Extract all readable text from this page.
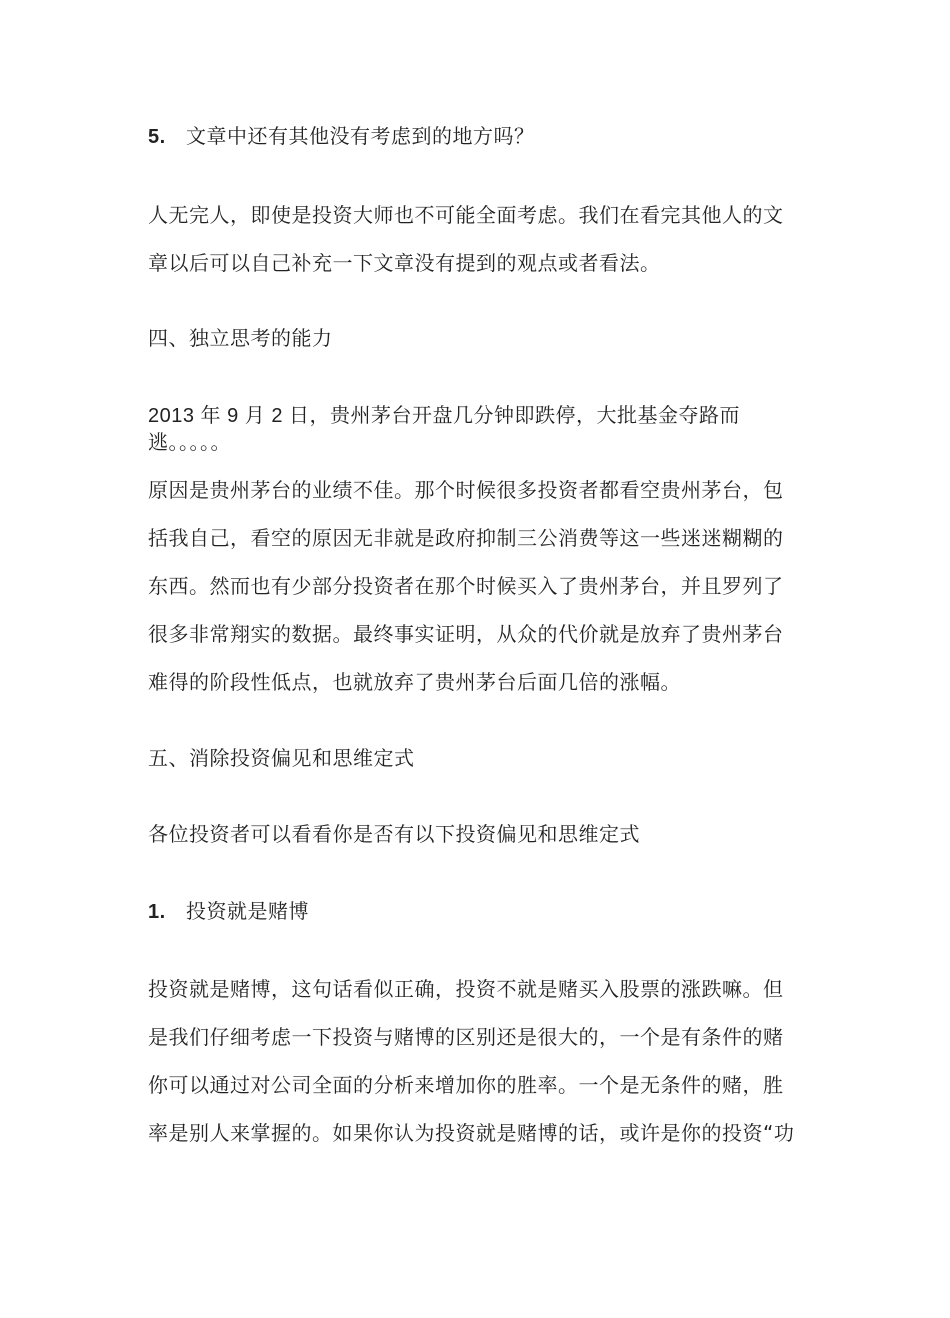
5. 文章中还有其他没有考虑到的地方吗？
人无完人，即使是投资大师也不可能全面考虑。我们在看完其他人的文
章以后可以自己补充一下文章没有提到的观点或者看法。
四、独立思考的能力
2013 年 9 月 2 日，贵州茅台开盘几分钟即跌停，大批基金夺路而
逃。。。。。
原因是贵州茅台的业绩不佳。那个时候很多投资者都看空贵州茅台，包
括我自己，看空的原因无非就是政府抑制三公消费等这一些迷迷糊糊的
东西。然而也有少部分投资者在那个时候买入了贵州茅台，并且罗列了
很多非常翔实的数据。最终事实证明，从众的代价就是放弃了贵州茅台
难得的阶段性低点，也就放弃了贵州茅台后面几倍的涨幅。
五、消除投资偏见和思维定式
各位投资者可以看看你是否有以下投资偏见和思维定式
1. 投资就是赌博
投资就是赌博，这句话看似正确，投资不就是赌买入股票的涨跌嘛。但
是我们仔细考虑一下投资与赌博的区别还是很大的，一个是有条件的赌
你可以通过对公司全面的分析来增加你的胜率。一个是无条件的赌，胜
率是别人来掌握的。如果你认为投资就是赌博的话，或许是你的投资“功
